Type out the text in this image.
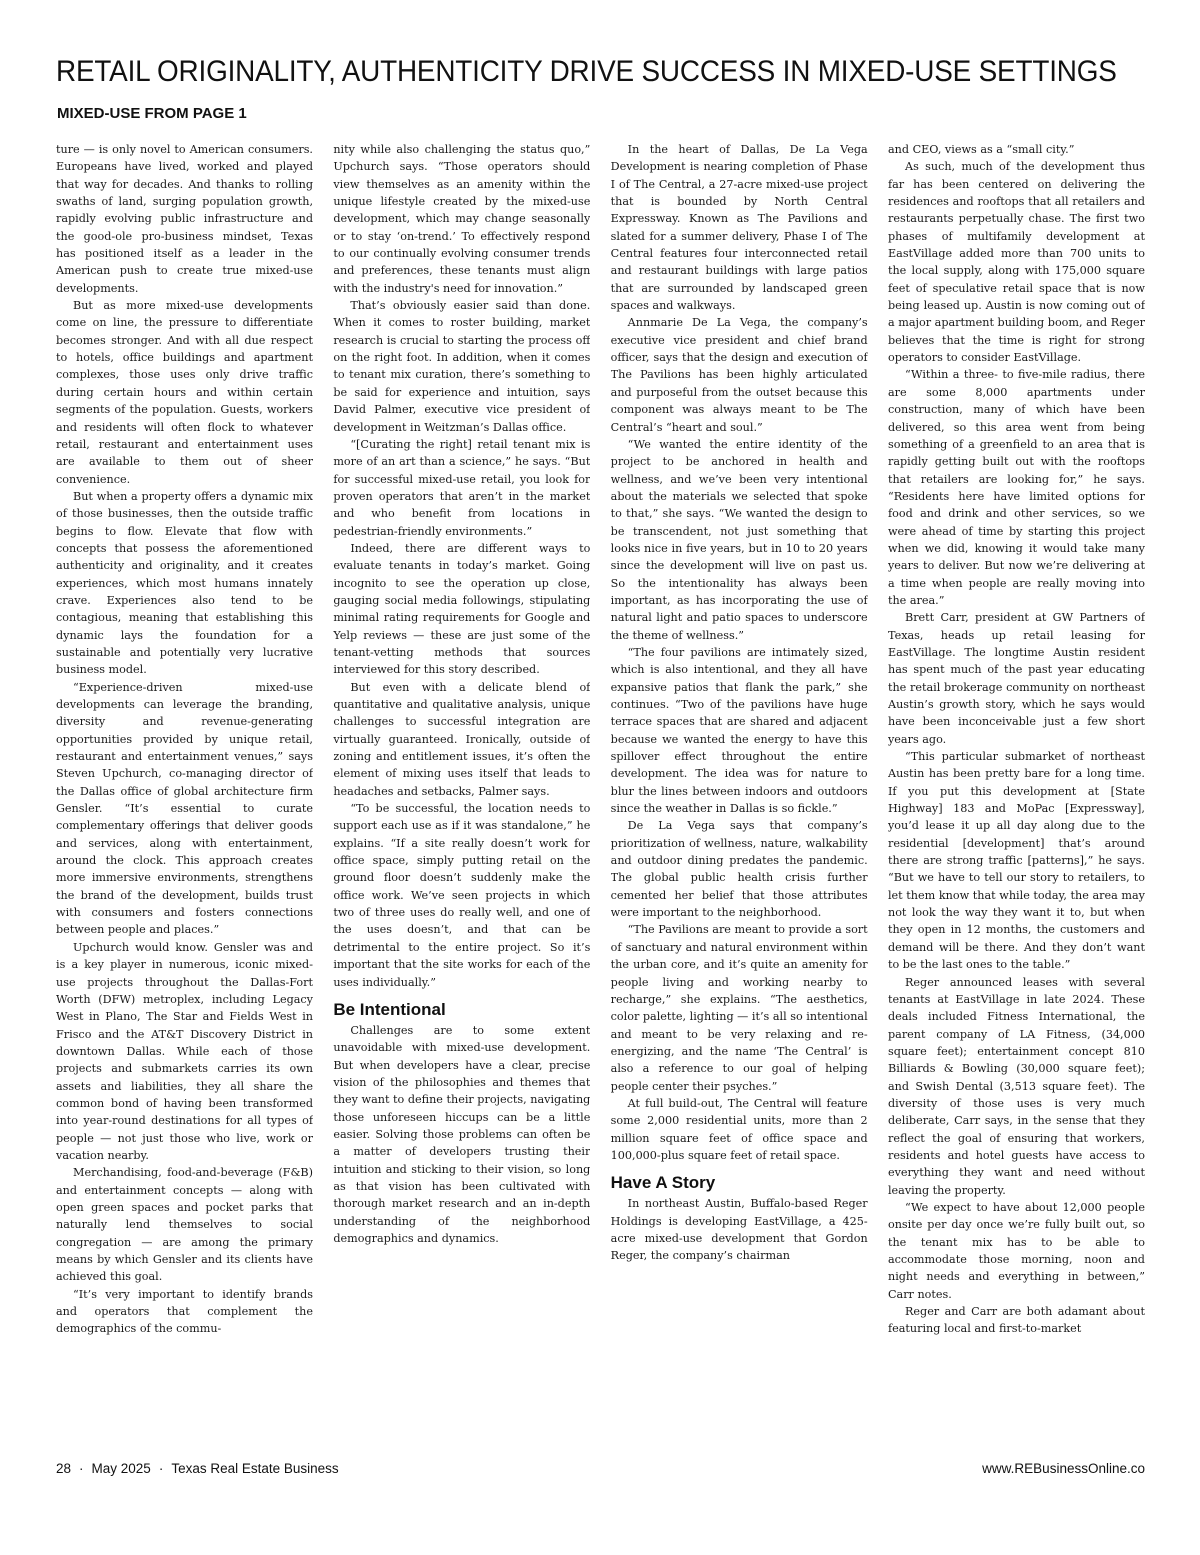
RETAIL ORIGINALITY, AUTHENTICITY DRIVE SUCCESS IN MIXED-USE SETTINGS
MIXED-USE FROM PAGE 1

ture — is only novel to American consumers. Europeans have lived, worked and played that way for decades. And thanks to rolling swaths of land, surging population growth, rapidly evolving public infrastructure and the good-ole pro-business mindset, Texas has positioned itself as a leader in the American push to create true mixed-use developments.

But as more mixed-use developments come on line, the pressure to differentiate becomes stronger. And with all due respect to hotels, office buildings and apartment complexes, those uses only drive traffic during certain hours and within certain segments of the population. Guests, workers and residents will often flock to whatever retail, restaurant and entertainment uses are available to them out of sheer convenience.

But when a property offers a dynamic mix of those businesses, then the outside traffic begins to flow. Elevate that flow with concepts that possess the aforementioned authenticity and originality, and it creates experiences, which most humans innately crave. Experiences also tend to be contagious, meaning that establishing this dynamic lays the foundation for a sustainable and potentially very lucrative business model.

“Experience-driven mixed-use developments can leverage the branding, diversity and revenue-generating opportunities provided by unique retail, restaurant and entertainment venues,” says Steven Upchurch, co-managing director of the Dallas office of global architecture firm Gensler. “It’s essential to curate complementary offerings that deliver goods and services, along with entertainment, around the clock. This approach creates more immersive environments, strengthens the brand of the development, builds trust with consumers and fosters connections between people and places.”

Upchurch would know. Gensler was and is a key player in numerous, iconic mixed-use projects throughout the Dallas-Fort Worth (DFW) metroplex, including Legacy West in Plano, The Star and Fields West in Frisco and the AT&T Discovery District in downtown Dallas. While each of those projects and submarkets carries its own assets and liabilities, they all share the common bond of having been transformed into year-round destinations for all types of people — not just those who live, work or vacation nearby.

Merchandising, food-and-beverage (F&B) and entertainment concepts — along with open green spaces and pocket parks that naturally lend themselves to social congregation — are among the primary means by which Gensler and its clients have achieved this goal.

“It’s very important to identify brands and operators that complement the demographics of the commu-

nity while also challenging the status quo,” Upchurch says. “Those operators should view themselves as an amenity within the unique lifestyle created by the mixed-use development, which may change seasonally or to stay ‘on-trend.’ To effectively respond to our continually evolving consumer trends and preferences, these tenants must align with the industry's need for innovation.”

That’s obviously easier said than done. When it comes to roster building, market research is crucial to starting the process off on the right foot. In addition, when it comes to tenant mix curation, there’s something to be said for experience and intuition, says David Palmer, executive vice president of development in Weitzman’s Dallas office.

“[Curating the right] retail tenant mix is more of an art than a science,” he says. “But for successful mixed-use retail, you look for proven operators that aren’t in the market and who benefit from locations in pedestrian-friendly environments.”

Indeed, there are different ways to evaluate tenants in today’s market. Going incognito to see the operation up close, gauging social media followings, stipulating minimal rating requirements for Google and Yelp reviews — these are just some of the tenant-vetting methods that sources interviewed for this story described.

But even with a delicate blend of quantitative and qualitative analysis, unique challenges to successful integration are virtually guaranteed. Ironically, outside of zoning and entitlement issues, it’s often the element of mixing uses itself that leads to headaches and setbacks, Palmer says.

“To be successful, the location needs to support each use as if it was standalone,” he explains. “If a site really doesn’t work for office space, simply putting retail on the ground floor doesn’t suddenly make the office work. We’ve seen projects in which two of three uses do really well, and one of the uses doesn’t, and that can be detrimental to the entire project. So it’s important that the site works for each of the uses individually.”

Be Intentional

Challenges are to some extent unavoidable with mixed-use development. But when developers have a clear, precise vision of the philosophies and themes that they want to define their projects, navigating those unforeseen hiccups can be a little easier. Solving those problems can often be a matter of developers trusting their intuition and sticking to their vision, so long as that vision has been cultivated with thorough market research and an in-depth understanding of the neighborhood demographics and dynamics.

In the heart of Dallas, De La Vega Development is nearing completion of Phase I of The Central, a 27-acre mixed-use project that is bounded by North Central Expressway. Known as The Pavilions and slated for a summer delivery, Phase I of The Central features four interconnected retail and restaurant buildings with large patios that are surrounded by landscaped green spaces and walkways.

Annmarie De La Vega, the company’s executive vice president and chief brand officer, says that the design and execution of The Pavilions has been highly articulated and purposeful from the outset because this component was always meant to be The Central’s “heart and soul.”

“We wanted the entire identity of the project to be anchored in health and wellness, and we’ve been very intentional about the materials we selected that spoke to that,” she says. “We wanted the design to be transcendent, not just something that looks nice in five years, but in 10 to 20 years since the development will live on past us. So the intentionality has always been important, as has incorporating the use of natural light and patio spaces to underscore the theme of wellness.”

“The four pavilions are intimately sized, which is also intentional, and they all have expansive patios that flank the park,” she continues. “Two of the pavilions have huge terrace spaces that are shared and adjacent because we wanted the energy to have this spillover effect throughout the entire development. The idea was for nature to blur the lines between indoors and outdoors since the weather in Dallas is so fickle.”

De La Vega says that company’s prioritization of wellness, nature, walkability and outdoor dining predates the pandemic. The global public health crisis further cemented her belief that those attributes were important to the neighborhood.

“The Pavilions are meant to provide a sort of sanctuary and natural environment within the urban core, and it’s quite an amenity for people living and working nearby to recharge,” she explains. “The aesthetics, color palette, lighting — it’s all so intentional and meant to be very relaxing and re-energizing, and the name ‘The Central’ is also a reference to our goal of helping people center their psyches.”

At full build-out, The Central will feature some 2,000 residential units, more than 2 million square feet of office space and 100,000-plus square feet of retail space.

Have A Story

In northeast Austin, Buffalo-based Reger Holdings is developing EastVillage, a 425-acre mixed-use development that Gordon Reger, the company’s chairman

and CEO, views as a “small city.”

As such, much of the development thus far has been centered on delivering the residences and rooftops that all retailers and restaurants perpetually chase. The first two phases of multifamily development at EastVillage added more than 700 units to the local supply, along with 175,000 square feet of speculative retail space that is now being leased up. Austin is now coming out of a major apartment building boom, and Reger believes that the time is right for strong operators to consider EastVillage.

“Within a three- to five-mile radius, there are some 8,000 apartments under construction, many of which have been delivered, so this area went from being something of a greenfield to an area that is rapidly getting built out with the rooftops that retailers are looking for,” he says. “Residents here have limited options for food and drink and other services, so we were ahead of time by starting this project when we did, knowing it would take many years to deliver. But now we’re delivering at a time when people are really moving into the area.”

Brett Carr, president at GW Partners of Texas, heads up retail leasing for EastVillage. The longtime Austin resident has spent much of the past year educating the retail brokerage community on northeast Austin’s growth story, which he says would have been inconceivable just a few short years ago.

“This particular submarket of northeast Austin has been pretty bare for a long time. If you put this development at [State Highway] 183 and MoPac [Expressway], you’d lease it up all day along due to the residential [development] that’s around there are strong traffic [patterns],” he says. “But we have to tell our story to retailers, to let them know that while today, the area may not look the way they want it to, but when they open in 12 months, the customers and demand will be there. And they don’t want to be the last ones to the table.”

Reger announced leases with several tenants at EastVillage in late 2024. These deals included Fitness International, the parent company of LA Fitness, (34,000 square feet); entertainment concept 810 Billiards & Bowling (30,000 square feet); and Swish Dental (3,513 square feet). The diversity of those uses is very much deliberate, Carr says, in the sense that they reflect the goal of ensuring that workers, residents and hotel guests have access to everything they want and need without leaving the property.

“We expect to have about 12,000 people onsite per day once we’re fully built out, so the tenant mix has to be able to accommodate those morning, noon and night needs and everything in between,” Carr notes.

Reger and Carr are both adamant about featuring local and first-to-market

28 · May 2025 · Texas Real Estate Business	www.REBusinessOnline.co
